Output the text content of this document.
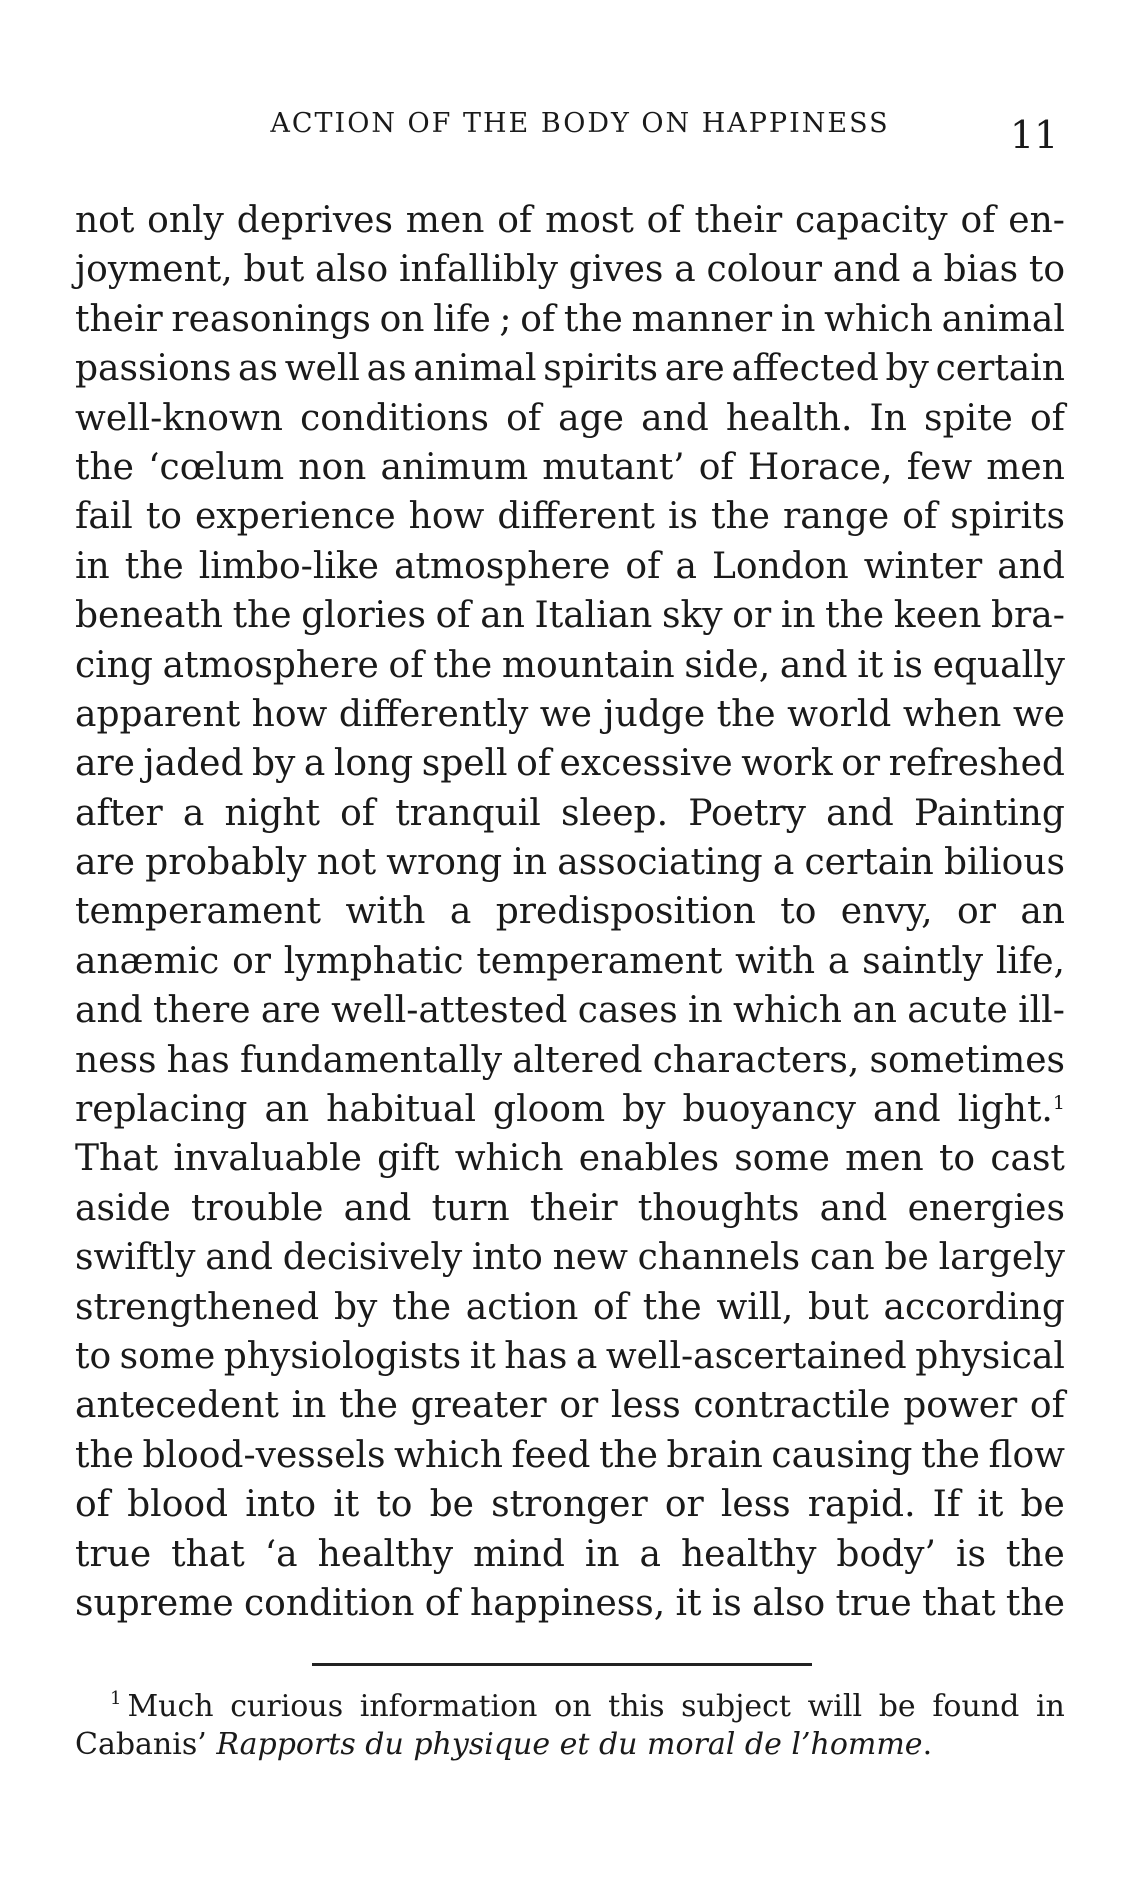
ACTION OF THE BODY ON HAPPINESS	11
not only deprives men of most of their capacity of en-
joyment, but also infallibly gives a colour and a bias to
their reasonings on life ; of the manner in which animal
passions as well as animal spirits are affected by certain
well-known conditions of age and health. In spite of
the ‘cœlum non animum mutant’ of Horace, few men
fail to experience how different is the range of spirits
in the limbo-like atmosphere of a London winter and
beneath the glories of an Italian sky or in the keen bra-
cing atmosphere of the mountain side, and it is equally
apparent how differently we judge the world when we
are jaded by a long spell of excessive work or refreshed
after a night of tranquil sleep. Poetry and Painting
are probably not wrong in associating a certain bilious
temperament with a predisposition to envy, or an
anæmic or lymphatic temperament with a saintly life,
and there are well-attested cases in which an acute ill-
ness has fundamentally altered characters, sometimes
replacing an habitual gloom by buoyancy and light.$^1$
That invaluable gift which enables some men to cast
aside trouble and turn their thoughts and energies
swiftly and decisively into new channels can be largely
strengthened by the action of the will, but according
to some physiologists it has a well-ascertained physical
antecedent in the greater or less contractile power of
the blood-vessels which feed the brain causing the flow
of blood into it to be stronger or less rapid. If it be
true that ‘a healthy mind in a healthy body’ is the
supreme condition of happiness, it is also true that the
$^1$ Much curious information on this subject will be found in
Cabanis’ Rapports du physique et du moral de l’homme.
